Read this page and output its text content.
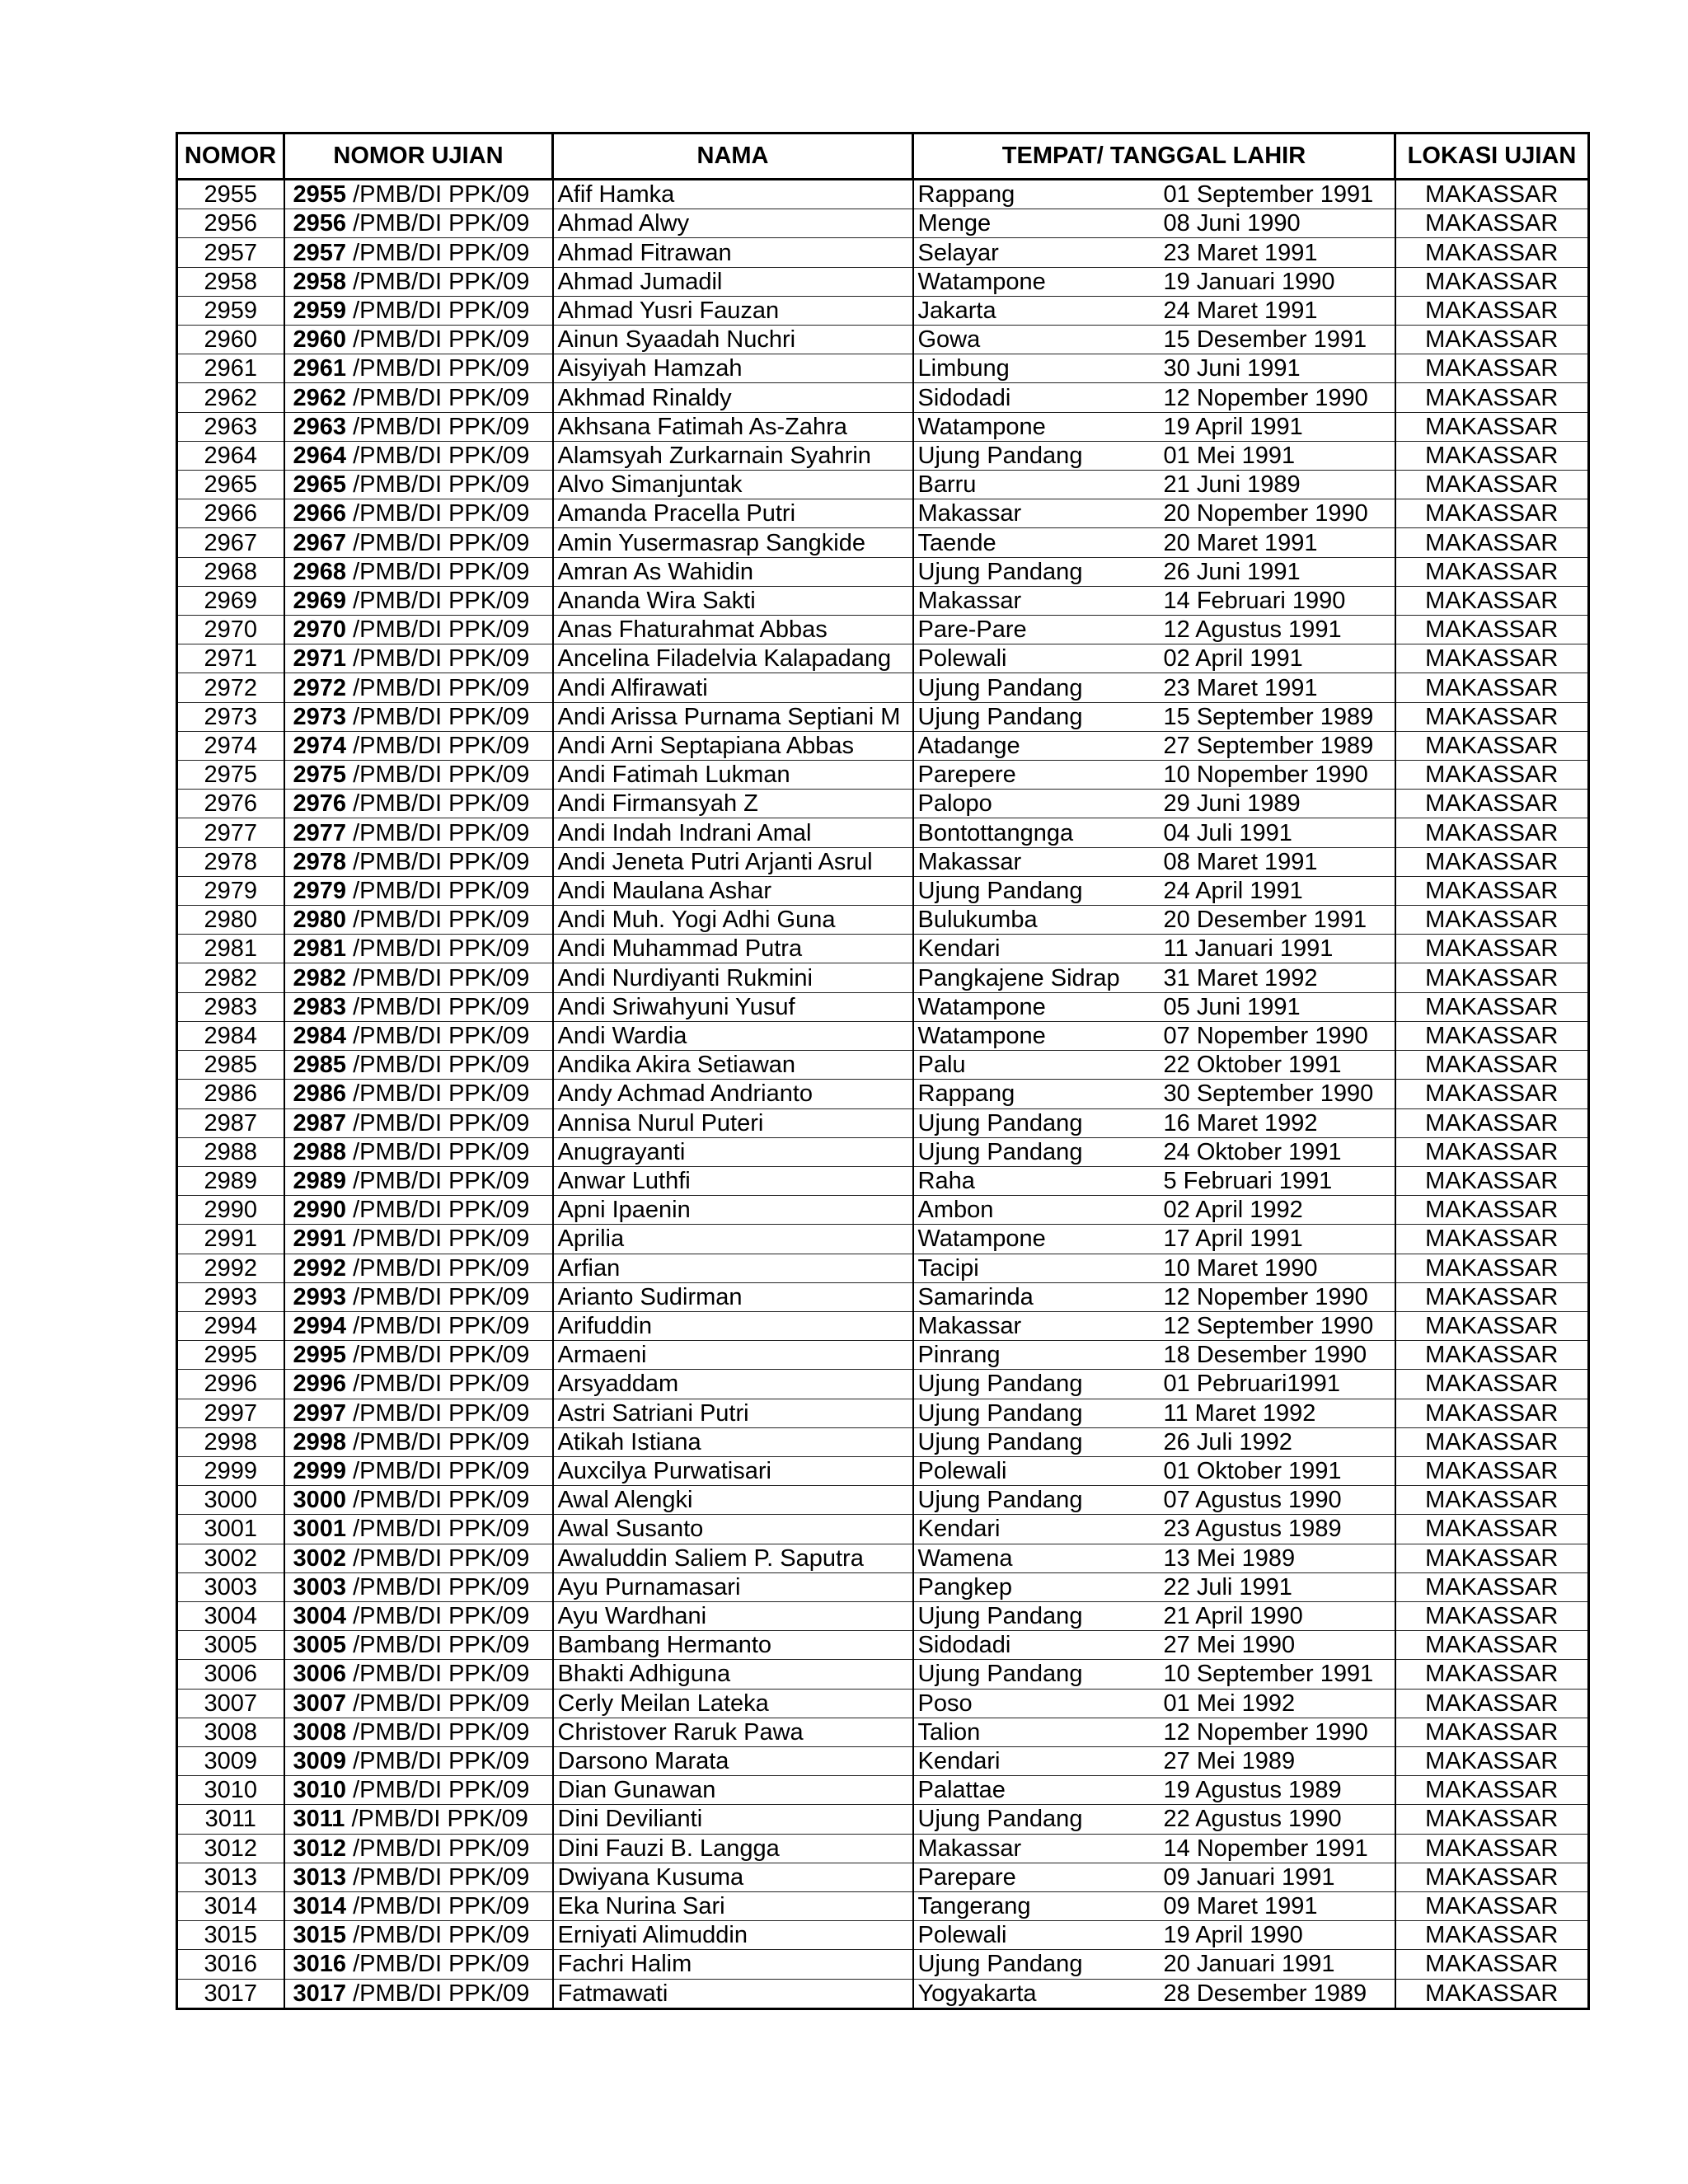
NOMOR	NOMOR UJIAN	NAMA	TEMPAT/ TANGGAL LAHIR	LOKASI UJIAN
2955	2955 /PMB/DI PPK/09	Afif Hamka	Rappang 01 September 1991	MAKASSAR
2956	2956 /PMB/DI PPK/09	Ahmad Alwy	Menge 08 Juni 1990	MAKASSAR
2957	2957 /PMB/DI PPK/09	Ahmad Fitrawan	Selayar 23 Maret 1991	MAKASSAR
2958	2958 /PMB/DI PPK/09	Ahmad Jumadil	Watampone 19 Januari 1990	MAKASSAR
2959	2959 /PMB/DI PPK/09	Ahmad Yusri Fauzan	Jakarta 24 Maret 1991	MAKASSAR
2960	2960 /PMB/DI PPK/09	Ainun Syaadah Nuchri	Gowa 15 Desember 1991	MAKASSAR
2961	2961 /PMB/DI PPK/09	Aisyiyah Hamzah	Limbung 30 Juni 1991	MAKASSAR
2962	2962 /PMB/DI PPK/09	Akhmad Rinaldy	Sidodadi 12 Nopember 1990	MAKASSAR
2963	2963 /PMB/DI PPK/09	Akhsana Fatimah As-Zahra	Watampone 19 April 1991	MAKASSAR
2964	2964 /PMB/DI PPK/09	Alamsyah Zurkarnain Syahrin	Ujung Pandang 01 Mei 1991	MAKASSAR
2965	2965 /PMB/DI PPK/09	Alvo Simanjuntak	Barru 21 Juni 1989	MAKASSAR
2966	2966 /PMB/DI PPK/09	Amanda Pracella Putri	Makassar 20 Nopember 1990	MAKASSAR
2967	2967 /PMB/DI PPK/09	Amin Yusermasrap Sangkide	Taende 20 Maret 1991	MAKASSAR
2968	2968 /PMB/DI PPK/09	Amran As Wahidin	Ujung Pandang 26 Juni 1991	MAKASSAR
2969	2969 /PMB/DI PPK/09	Ananda Wira Sakti	Makassar 14 Februari 1990	MAKASSAR
2970	2970 /PMB/DI PPK/09	Anas Fhaturahmat Abbas	Pare-Pare 12 Agustus 1991	MAKASSAR
2971	2971 /PMB/DI PPK/09	Ancelina Filadelvia Kalapadang	Polewali 02 April 1991	MAKASSAR
2972	2972 /PMB/DI PPK/09	Andi Alfirawati	Ujung Pandang 23 Maret 1991	MAKASSAR
2973	2973 /PMB/DI PPK/09	Andi Arissa Purnama Septiani M	Ujung Pandang 15 September 1989	MAKASSAR
2974	2974 /PMB/DI PPK/09	Andi Arni Septapiana Abbas	Atadange 27 September 1989	MAKASSAR
2975	2975 /PMB/DI PPK/09	Andi Fatimah Lukman	Parepere 10 Nopember 1990	MAKASSAR
2976	2976 /PMB/DI PPK/09	Andi Firmansyah Z	Palopo 29 Juni 1989	MAKASSAR
2977	2977 /PMB/DI PPK/09	Andi Indah Indrani Amal	Bontottangnga 04 Juli 1991	MAKASSAR
2978	2978 /PMB/DI PPK/09	Andi Jeneta Putri Arjanti Asrul	Makassar 08 Maret 1991	MAKASSAR
2979	2979 /PMB/DI PPK/09	Andi Maulana Ashar	Ujung Pandang 24 April 1991	MAKASSAR
2980	2980 /PMB/DI PPK/09	Andi Muh. Yogi Adhi Guna	Bulukumba 20 Desember 1991	MAKASSAR
2981	2981 /PMB/DI PPK/09	Andi Muhammad Putra	Kendari 11 Januari 1991	MAKASSAR
2982	2982 /PMB/DI PPK/09	Andi Nurdiyanti Rukmini	Pangkajene Sidrap 31 Maret 1992	MAKASSAR
2983	2983 /PMB/DI PPK/09	Andi Sriwahyuni Yusuf	Watampone 05 Juni 1991	MAKASSAR
2984	2984 /PMB/DI PPK/09	Andi Wardia	Watampone 07 Nopember 1990	MAKASSAR
2985	2985 /PMB/DI PPK/09	Andika Akira Setiawan	Palu 22 Oktober 1991	MAKASSAR
2986	2986 /PMB/DI PPK/09	Andy Achmad Andrianto	Rappang 30 September 1990	MAKASSAR
2987	2987 /PMB/DI PPK/09	Annisa Nurul Puteri	Ujung Pandang 16 Maret 1992	MAKASSAR
2988	2988 /PMB/DI PPK/09	Anugrayanti	Ujung Pandang 24 Oktober 1991	MAKASSAR
2989	2989 /PMB/DI PPK/09	Anwar Luthfi	Raha 5 Februari 1991	MAKASSAR
2990	2990 /PMB/DI PPK/09	Apni Ipaenin	Ambon 02 April 1992	MAKASSAR
2991	2991 /PMB/DI PPK/09	Aprilia	Watampone 17 April 1991	MAKASSAR
2992	2992 /PMB/DI PPK/09	Arfian	Tacipi 10 Maret 1990	MAKASSAR
2993	2993 /PMB/DI PPK/09	Arianto Sudirman	Samarinda 12 Nopember 1990	MAKASSAR
2994	2994 /PMB/DI PPK/09	Arifuddin	Makassar 12 September 1990	MAKASSAR
2995	2995 /PMB/DI PPK/09	Armaeni	Pinrang 18 Desember 1990	MAKASSAR
2996	2996 /PMB/DI PPK/09	Arsyaddam	Ujung Pandang 01 Pebruari1991	MAKASSAR
2997	2997 /PMB/DI PPK/09	Astri Satriani Putri	Ujung Pandang 11 Maret 1992	MAKASSAR
2998	2998 /PMB/DI PPK/09	Atikah Istiana	Ujung Pandang 26 Juli 1992	MAKASSAR
2999	2999 /PMB/DI PPK/09	Auxcilya Purwatisari	Polewali 01 Oktober 1991	MAKASSAR
3000	3000 /PMB/DI PPK/09	Awal Alengki	Ujung Pandang 07 Agustus 1990	MAKASSAR
3001	3001 /PMB/DI PPK/09	Awal Susanto	Kendari 23 Agustus 1989	MAKASSAR
3002	3002 /PMB/DI PPK/09	Awaluddin Saliem P. Saputra	Wamena 13 Mei 1989	MAKASSAR
3003	3003 /PMB/DI PPK/09	Ayu Purnamasari	Pangkep 22 Juli 1991	MAKASSAR
3004	3004 /PMB/DI PPK/09	Ayu Wardhani	Ujung Pandang 21 April 1990	MAKASSAR
3005	3005 /PMB/DI PPK/09	Bambang Hermanto	Sidodadi 27 Mei 1990	MAKASSAR
3006	3006 /PMB/DI PPK/09	Bhakti Adhiguna	Ujung Pandang 10 September 1991	MAKASSAR
3007	3007 /PMB/DI PPK/09	Cerly Meilan Lateka	Poso 01 Mei 1992	MAKASSAR
3008	3008 /PMB/DI PPK/09	Christover Raruk Pawa	Talion 12 Nopember 1990	MAKASSAR
3009	3009 /PMB/DI PPK/09	Darsono Marata	Kendari 27 Mei 1989	MAKASSAR
3010	3010 /PMB/DI PPK/09	Dian Gunawan	Palattae 19 Agustus 1989	MAKASSAR
3011	3011 /PMB/DI PPK/09	Dini Devilianti	Ujung Pandang 22 Agustus 1990	MAKASSAR
3012	3012 /PMB/DI PPK/09	Dini Fauzi B. Langga	Makassar 14 Nopember 1991	MAKASSAR
3013	3013 /PMB/DI PPK/09	Dwiyana Kusuma	Parepare 09 Januari 1991	MAKASSAR
3014	3014 /PMB/DI PPK/09	Eka Nurina Sari	Tangerang 09 Maret 1991	MAKASSAR
3015	3015 /PMB/DI PPK/09	Erniyati Alimuddin	Polewali 19 April 1990	MAKASSAR
3016	3016 /PMB/DI PPK/09	Fachri Halim	Ujung Pandang 20 Januari 1991	MAKASSAR
3017	3017 /PMB/DI PPK/09	Fatmawati	Yogyakarta 28 Desember 1989	MAKASSAR
